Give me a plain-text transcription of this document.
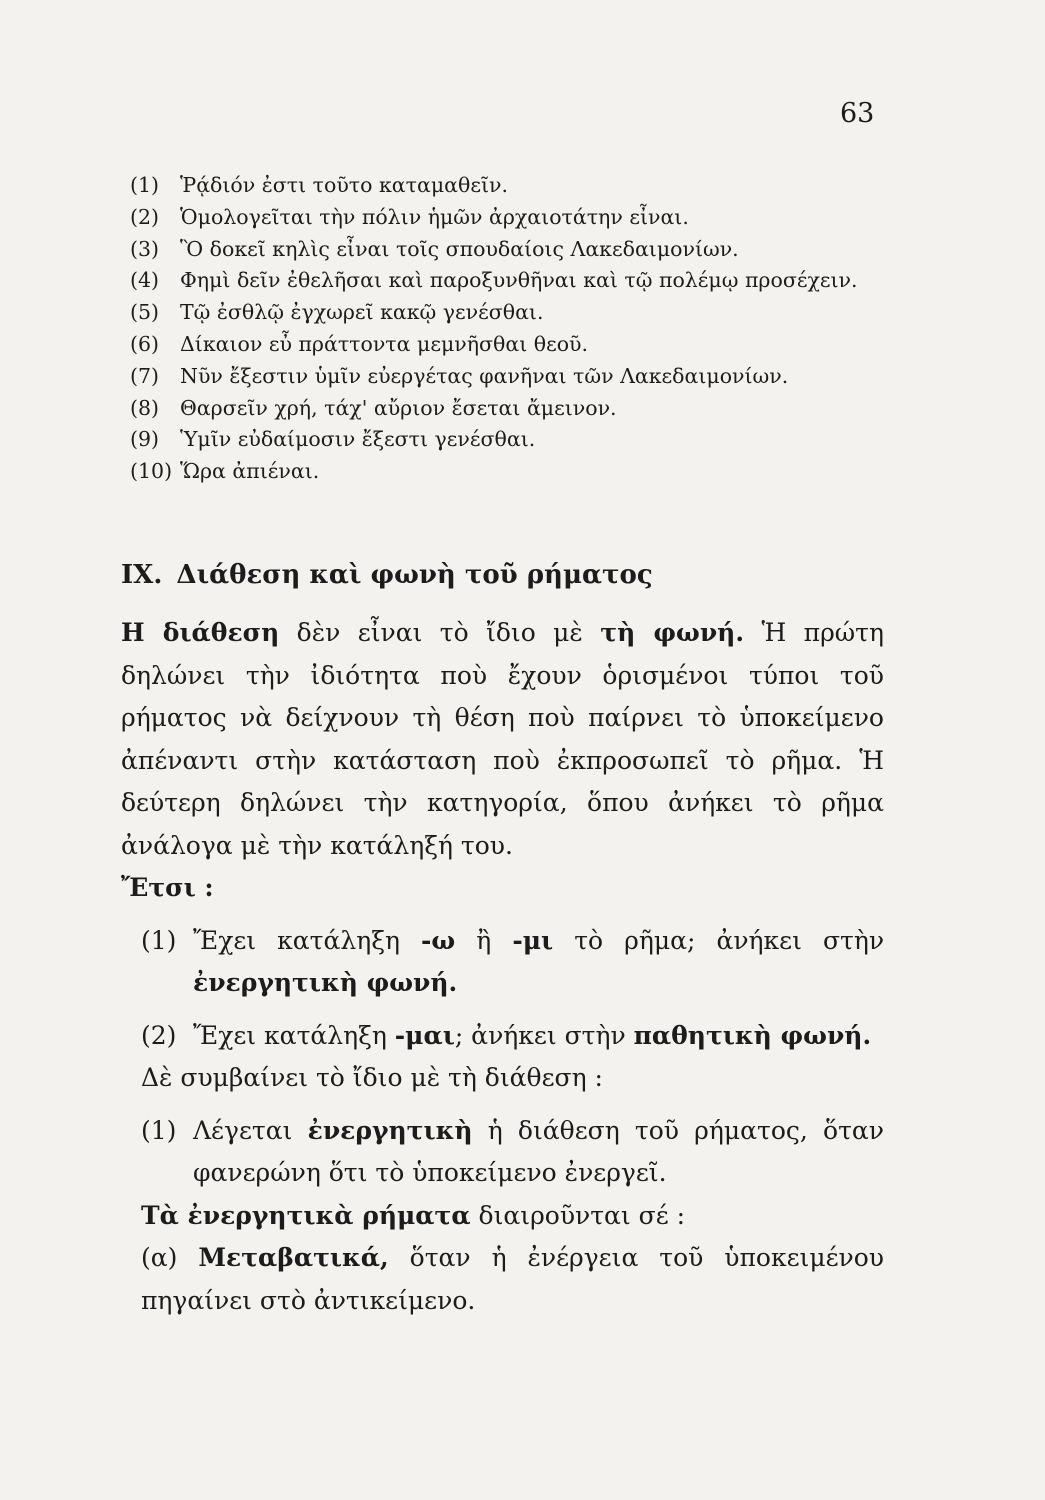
63
(1)	Ῥᾴδιόν ἐστι τοῦτο καταμαθεῖν.
(2)	Ὁμολογεῖται τὴν πόλιν ἡμῶν ἀρχαιοτάτην εἶναι.
(3)	Ὃ δοκεῖ κηλὶς εἶναι τοῖς σπουδαίοις Λακεδαιμονίων.
(4)	Φημὶ δεῖν ἐθελῆσαι καὶ παροξυνθῆναι καὶ τῷ πολέμῳ προσέχειν.
(5)	Τῷ ἐσθλῷ ἐγχωρεῖ κακῷ γενέσθαι.
(6)	Δίκαιον εὖ πράττοντα μεμνῆσθαι θεοῦ.
(7)	Νῦν ἔξεστιν ὑμῖν εὐεργέτας φανῆναι τῶν Λακεδαιμονίων.
(8)	Θαρσεῖν χρή, τάχ' αὔριον ἔσεται ἄμεινον.
(9)	Ὑμῖν εὐδαίμοσιν ἔξεστι γενέσθαι.
(10) Ὥρα ἀπιέναι.
IX. Διάθεση καὶ φωνὴ τοῦ ρήματος

Η διάθεση δὲν εἶναι τὸ ἴδιο μὲ τὴ φωνή. Ἡ πρώτη δηλώνει τὴν ἰδιότητα ποὺ ἔχουν ὁρισμένοι τύποι τοῦ ρήματος νὰ δείχνουν τὴ θέση ποὺ παίρνει τὸ ὑποκείμενο ἀπέναντι στὴν κατάσταση ποὺ ἐκπροσωπεῖ τὸ ρῆμα. Ἡ δεύτερη δηλώνει τὴν κατηγορία, ὅπου ἀνήκει τὸ ρῆμα ἀνάλογα μὲ τὴν κατάληξή του.

Ἔτσι :

(1) Ἔχει κατάληξη -ω ἢ -μι τὸ ρῆμα; ἀνήκει στὴν ἐνεργητικὴ φωνή.
(2) Ἔχει κατάληξη -μαι; ἀνήκει στὴν παθητικὴ φωνή.

Δὲ συμβαίνει τὸ ἴδιο μὲ τὴ διάθεση :

(1) Λέγεται ἐνεργητικὴ ἡ διάθεση τοῦ ρήματος, ὅταν φανερώνη ὅτι τὸ ὑποκείμενο ἐνεργεῖ.

Τὰ ἐνεργητικὰ ρήματα διαιροῦνται σέ :

(α) Μεταβατικά, ὅταν ἡ ἐνέργεια τοῦ ὑποκειμένου πηγαίνει στὸ ἀντικείμενο.
